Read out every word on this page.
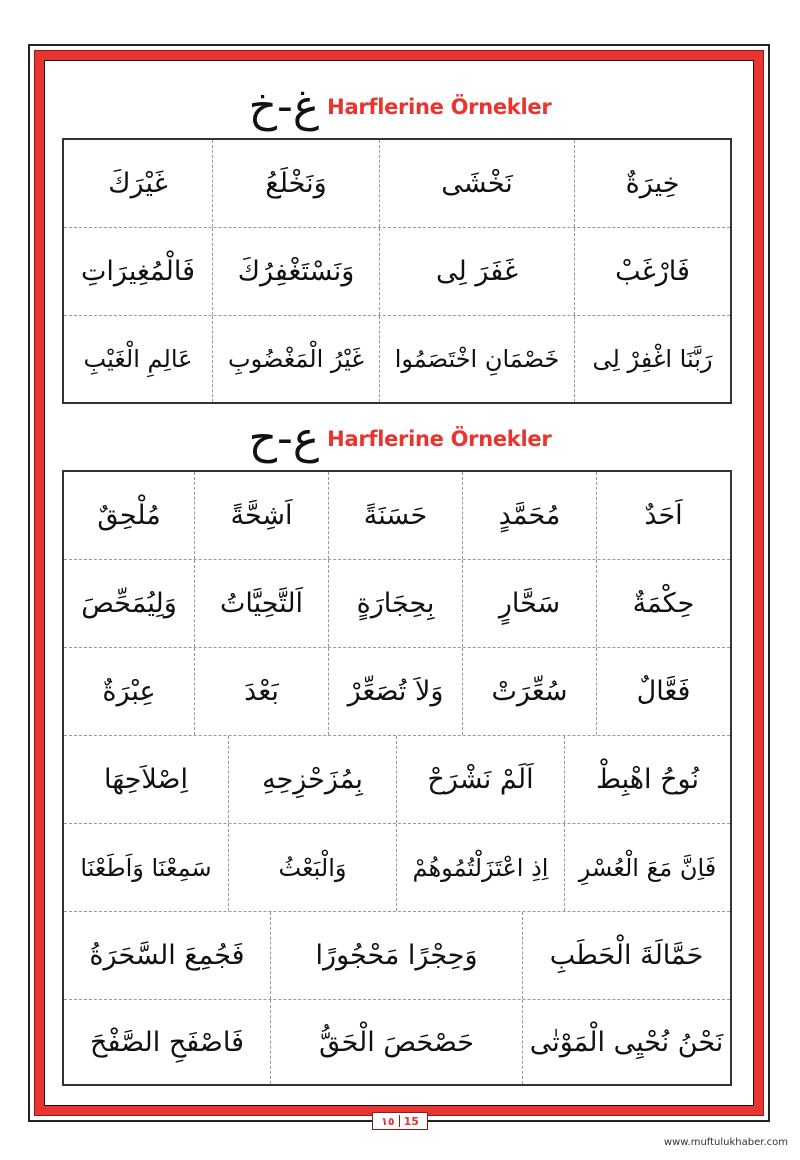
غ-خ Harflerine Örnekler
خِيرَةٌ
نَخْشَى
وَنَخْلَعُ
غَيْرَكَ
فَارْغَبْ
غَفَرَ لِى
وَنَسْتَغْفِرُكَ
فَالْمُغِيرَاتِ
رَبَّنَا اغْفِرْ لِى
خَصْمَانِ اخْتَصَمُوا
غَيْرُ الْمَغْضُوبِ
عَالِمِ الْغَيْبِ
ع-ح Harflerine Örnekler
اَحَدٌ
مُحَمَّدٍ
حَسَنَةً
اَشِحَّةً
مُلْحِقٌ
حِكْمَةٌ
سَحَّارٍ
بِحِجَارَةٍ
اَلتَّحِيَّاتُ
وَلِيُمَحِّصَ
فَعَّالٌ
سُعِّرَتْ
وَلاَ تُصَعِّرْ
بَعْدَ
عِبْرَةٌ
نُوحُ اهْبِطْ
اَلَمْ نَشْرَحْ
بِمُزَحْزِحِهِ
اِصْلاَحِهَا
فَاِنَّ مَعَ الْعُسْرِ
اِذِ اعْتَزَلْتُمُوهُمْ
وَالْبَعْثُ
سَمِعْنَا وَاَطَعْنَا
حَمَّالَةَ الْحَطَبِ
وَحِجْرًا مَحْجُورًا
فَجُمِعَ السَّحَرَةُ
نَحْنُ نُحْيِى الْمَوْتٰى
حَصْحَصَ الْحَقُّ
فَاصْفَحِ الصَّفْحَ
١٥ 15
www.muftulukhaber.com
